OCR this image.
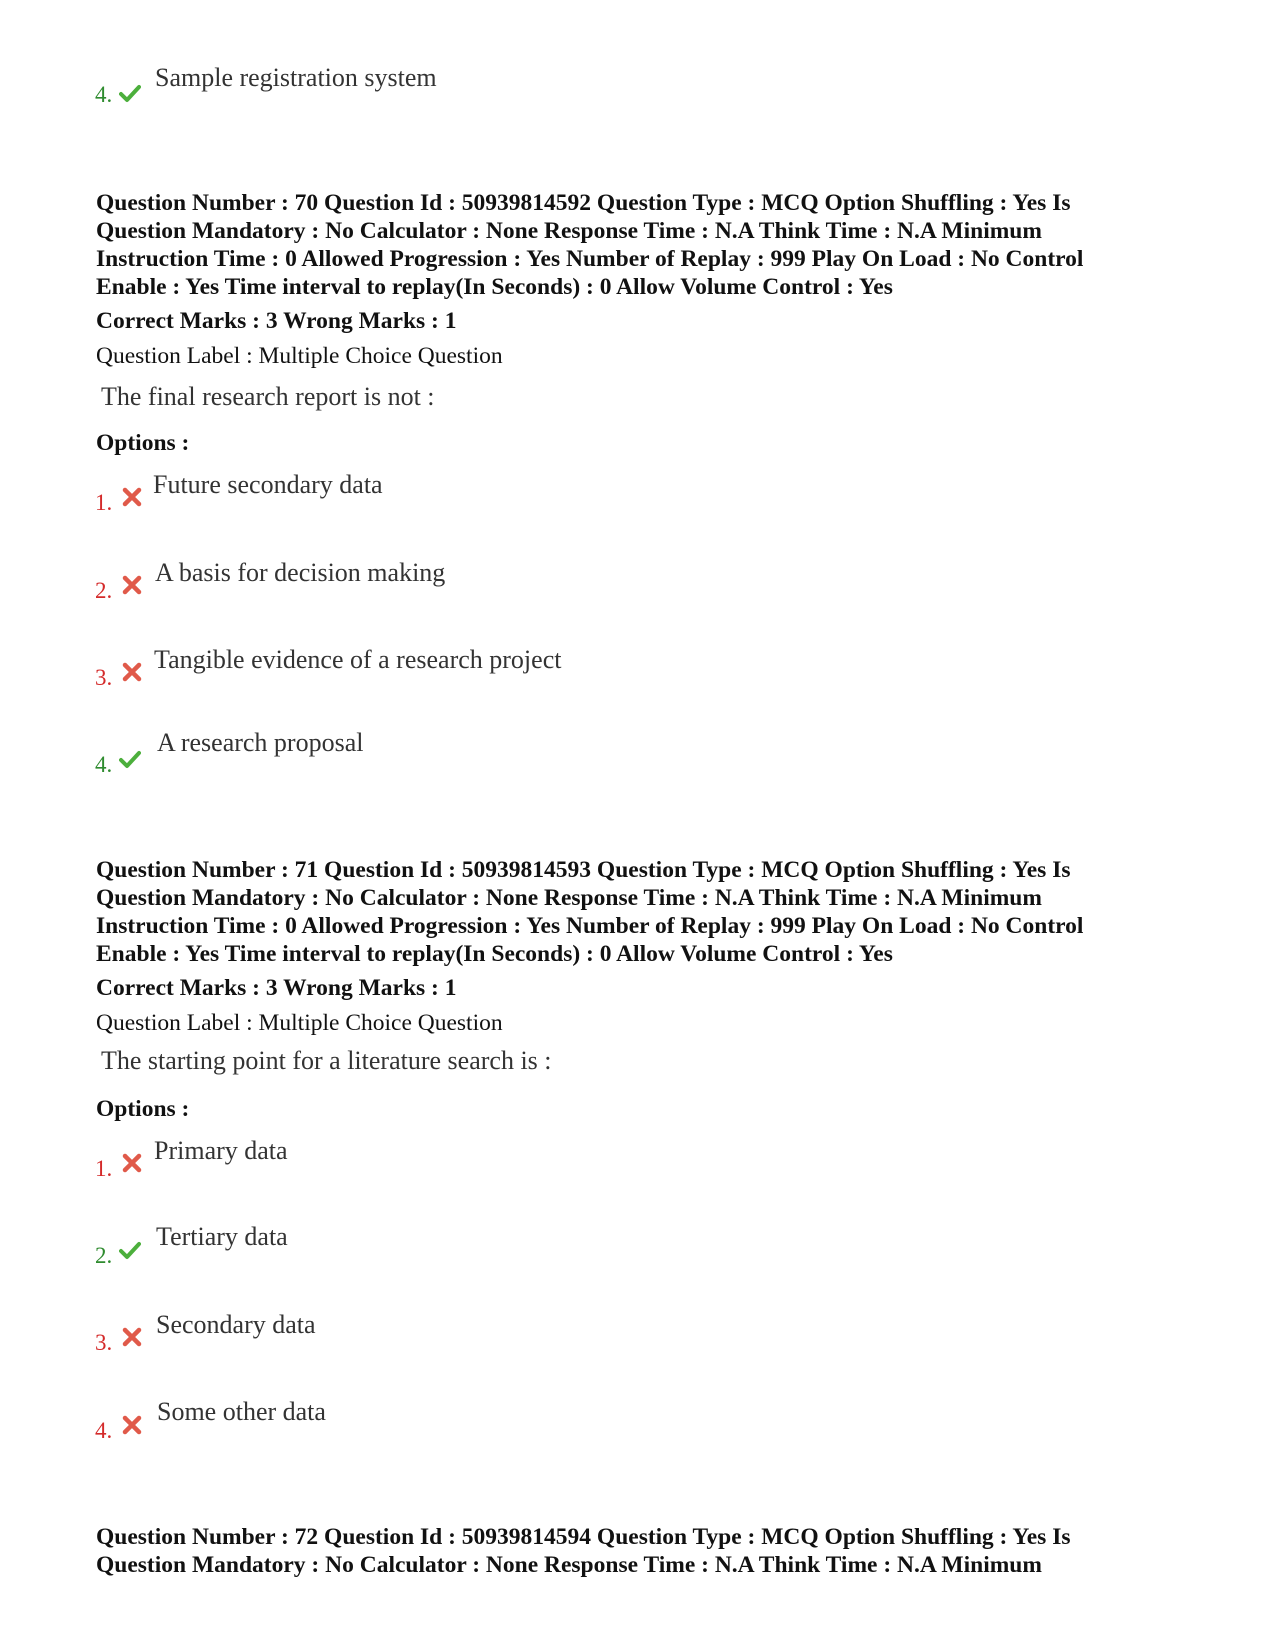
4.
Sample registration system
Question Number : 70 Question Id : 50939814592 Question Type : MCQ Option Shuffling : Yes Is
Question Mandatory : No Calculator : None Response Time : N.A Think Time : N.A Minimum
Instruction Time : 0 Allowed Progression : Yes Number of Replay : 999 Play On Load : No Control
Enable : Yes Time interval to replay(In Seconds) : 0 Allow Volume Control : Yes
Correct Marks : 3 Wrong Marks : 1
Question Label : Multiple Choice Question
The final research report is not :
Options :
1.
Future secondary data
2.
A basis for decision making
3.
Tangible evidence of a research project
4.
A research proposal
Question Number : 71 Question Id : 50939814593 Question Type : MCQ Option Shuffling : Yes Is
Question Mandatory : No Calculator : None Response Time : N.A Think Time : N.A Minimum
Instruction Time : 0 Allowed Progression : Yes Number of Replay : 999 Play On Load : No Control
Enable : Yes Time interval to replay(In Seconds) : 0 Allow Volume Control : Yes
Correct Marks : 3 Wrong Marks : 1
Question Label : Multiple Choice Question
The starting point for a literature search is :
Options :
1.
Primary data
2.
Tertiary data
3.
Secondary data
4.
Some other data
Question Number : 72 Question Id : 50939814594 Question Type : MCQ Option Shuffling : Yes Is
Question Mandatory : No Calculator : None Response Time : N.A Think Time : N.A Minimum
